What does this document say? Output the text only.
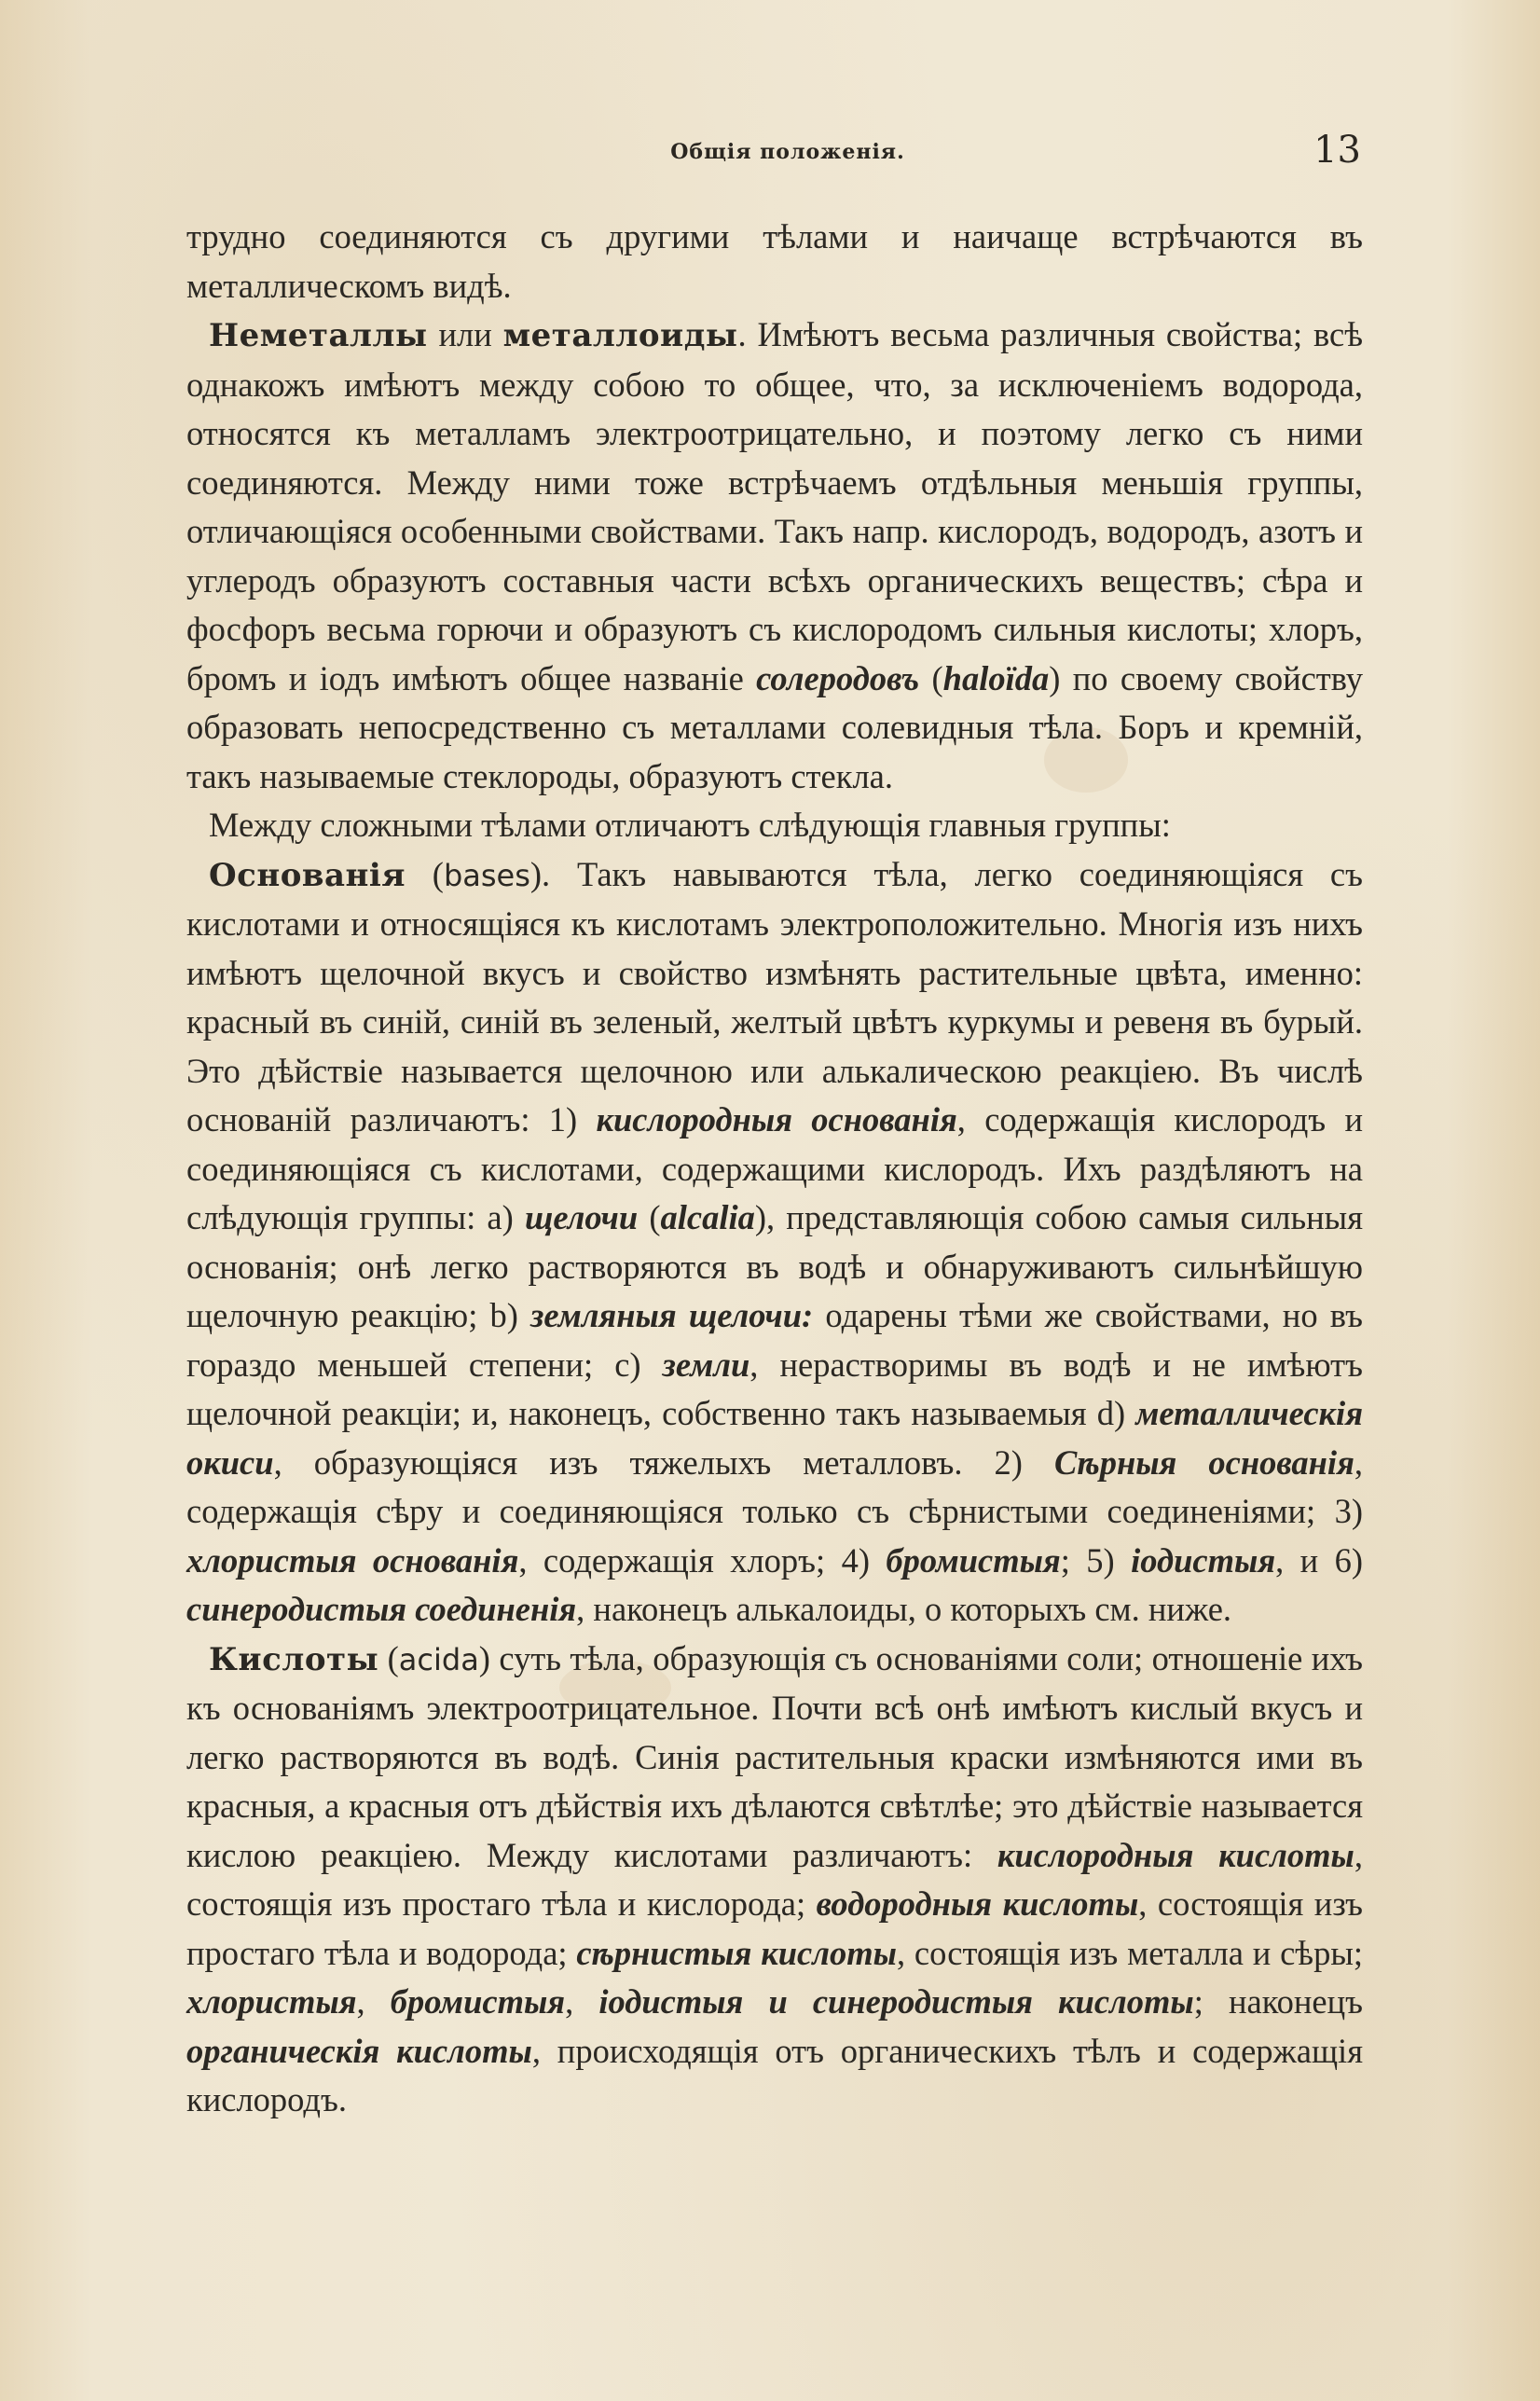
Общія положенія.	13

трудно соединяются съ другими тѣлами и наичаще встрѣчаются въ металлическомъ видѣ.

Неметаллы или металлоиды. Имѣютъ весьма различныя свойства; всѣ однакожъ имѣютъ между собою то общее, что, за исключеніемъ водорода, относятся къ металламъ электроотрицательно, и поэтому легко съ ними соединяются. Между ними тоже встрѣчаемъ отдѣльныя меньшія группы, отличающіяся особенными свойствами. Такъ напр. кислородъ, водородъ, азотъ и углеродъ образуютъ составныя части всѣхъ органическихъ веществъ; сѣра и фосфоръ весьма горючи и образуютъ съ кислородомъ сильныя кислоты; хлоръ, бромъ и іодъ имѣютъ общее названіе солеродовъ (haloïda) по своему свойству образовать непосредственно съ металлами солевидныя тѣла. Боръ и кремній, такъ называемые стеклороды, образуютъ стекла.

Между сложными тѣлами отличаютъ слѣдующія главныя группы:

Основанія (bases). Такъ навываются тѣла, легко соединяющіяся съ кислотами и относящіяся къ кислотамъ электроположительно. Многія изъ нихъ имѣютъ щелочной вкусъ и свойство измѣнять растительные цвѣта, именно: красный въ синій, синій въ зеленый, желтый цвѣтъ куркумы и ревеня въ бурый. Это дѣйствіе называется щелочною или алькалическою реакціею. Въ числѣ основаній различаютъ: 1) кислородныя основанія, содержащія кислородъ и соединяющіяся съ кислотами, содержащими кислородъ. Ихъ раздѣляютъ на слѣдующія группы: a) щелочи (alcalia), представляющія собою самыя сильныя основанія; онѣ легко растворяются въ водѣ и обнаруживаютъ сильнѣйшую щелочную реакцію; b) земляныя щелочи: одарены тѣми же свойствами, но въ гораздо меньшей степени; c) земли, нерастворимы въ водѣ и не имѣютъ щелочной реакціи; и, наконецъ, собственно такъ называемыя d) металлическія окиси, образующіяся изъ тяжелыхъ металловъ. 2) Сѣрныя основанія, содержащія сѣру и соединяющіяся только съ сѣрнистыми соединеніями; 3) хлористыя основанія, содержащія хлоръ; 4) бромистыя; 5) іодистыя, и 6) синеродистыя соединенія, наконецъ алькалоиды, о которыхъ см. ниже.

Кислоты (acida) суть тѣла, образующія съ основаніями соли; отношеніе ихъ къ основаніямъ электроотрицательное. Почти всѣ онѣ имѣютъ кислый вкусъ и легко растворяются въ водѣ. Синія растительныя краски измѣняются ими въ красныя, а красныя отъ дѣйствія ихъ дѣлаются свѣтлѣе; это дѣйствіе называется кислою реакціею. Между кислотами различаютъ: кислородныя кислоты, состоящія изъ простаго тѣла и кислорода; водородныя кислоты, состоящія изъ простаго тѣла и водорода; сѣрнистыя кислоты, состоящія изъ металла и сѣры; хлористыя, бромистыя, іодистыя и синеродистыя кислоты; наконецъ органическія кислоты, происходящія отъ органическихъ тѣлъ и содержащія кислородъ.
